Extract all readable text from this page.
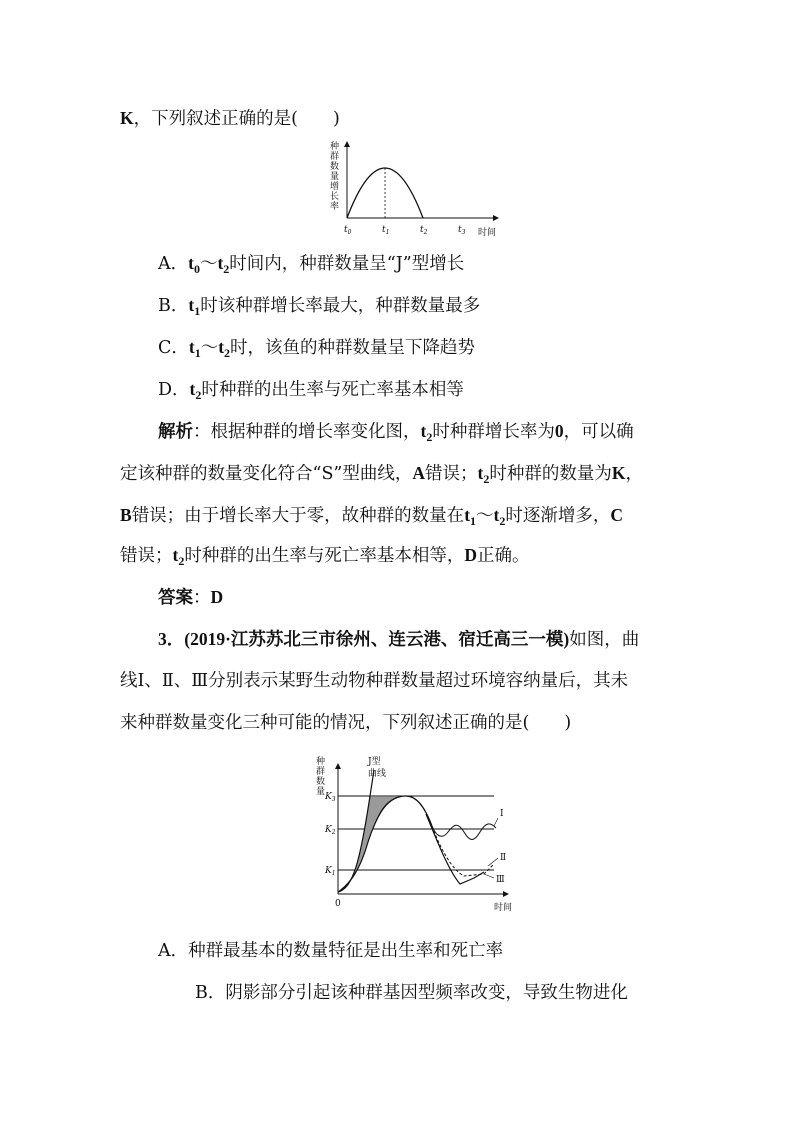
K，下列叙述正确的是(　　)
种
群
数
量
增
长
率
$t_0$	$t_1$	$t_2$	$t_3$ 时间
A．$t_0\sim t_2$时间内，种群数量呈“J”型增长
B．$t_1$时该种群增长率最大，种群数量最多
C．$t_1\sim t_2$时，该鱼的种群数量呈下降趋势
D．$t_2$时种群的出生率与死亡率基本相等
解析：根据种群的增长率变化图，$t_2$时种群增长率为0，可以确
定该种群的数量变化符合“S”型曲线，A错误；$t_2$时种群的数量为K，
B错误；由于增长率大于零，故种群的数量在$t_1\sim t_2$时逐渐增多，C
错误；$t_2$时种群的出生率与死亡率基本相等，D正确。
答案：D
3．(2019·江苏苏北三市徐州、连云港、宿迁高三一模)如图，曲
线Ⅰ、Ⅱ、Ⅲ分别表示某野生动物种群数量超过环境容纳量后，其未
来种群数量变化三种可能的情况，下列叙述正确的是(　　)
种
群
数
量
J型
曲线
$K_3$
$K_2$
$K_1$
0	时间
Ⅰ
Ⅱ
Ⅲ
A．种群最基本的数量特征是出生率和死亡率
B．阴影部分引起该种群基因型频率改变，导致生物进化
